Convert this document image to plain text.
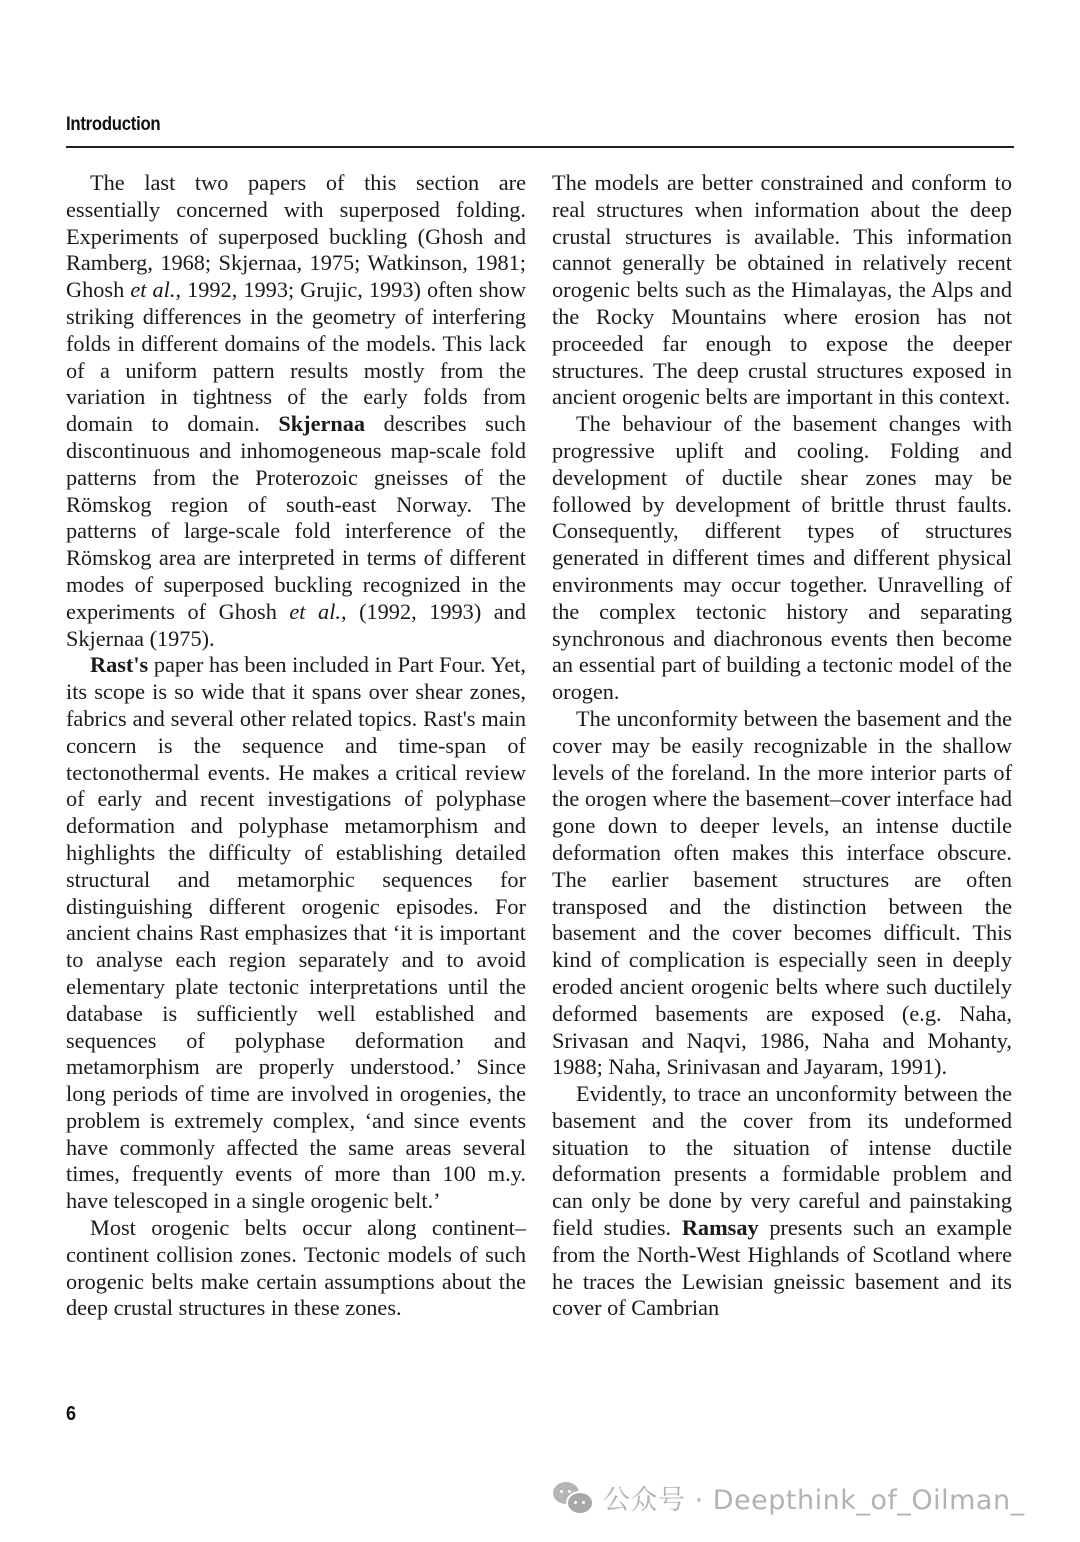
Introduction

The last two papers of this section are essentially concerned with superposed folding. Experiments of superposed buckling (Ghosh and Ramberg, 1968; Skjernaa, 1975; Watkinson, 1981; Ghosh et al., 1992, 1993; Grujic, 1993) often show striking differences in the geometry of interfering folds in different domains of the models. This lack of a uniform pattern results mostly from the variation in tightness of the early folds from domain to domain. Skjernaa describes such discontinuous and inhomogeneous map-scale fold patterns from the Proterozoic gneisses of the Römskog region of south-east Norway. The patterns of large-scale fold interference of the Römskog area are interpreted in terms of different modes of superposed buckling recognized in the experiments of Ghosh et al., (1992, 1993) and Skjernaa (1975).

Rast's paper has been included in Part Four. Yet, its scope is so wide that it spans over shear zones, fabrics and several other related topics. Rast's main concern is the sequence and time-span of tectonothermal events. He makes a critical review of early and recent investigations of polyphase deformation and polyphase metamorphism and highlights the difficulty of establishing detailed structural and metamorphic sequences for distinguishing different orogenic episodes. For ancient chains Rast emphasizes that ‘it is important to analyse each region separately and to avoid elementary plate tectonic interpretations until the database is sufficiently well established and sequences of polyphase deformation and metamorphism are properly understood.’ Since long periods of time are involved in orogenies, the problem is extremely complex, ‘and since events have commonly affected the same areas several times, frequently events of more than 100 m.y. have telescoped in a single orogenic belt.’

Most orogenic belts occur along continent–continent collision zones. Tectonic models of such orogenic belts make certain assumptions about the deep crustal structures in these zones.

The models are better constrained and conform to real structures when information about the deep crustal structures is available. This information cannot generally be obtained in relatively recent orogenic belts such as the Himalayas, the Alps and the Rocky Mountains where erosion has not proceeded far enough to expose the deeper structures. The deep crustal structures exposed in ancient orogenic belts are important in this context.

The behaviour of the basement changes with progressive uplift and cooling. Folding and development of ductile shear zones may be followed by development of brittle thrust faults. Consequently, different types of structures generated in different times and different physical environments may occur together. Unravelling of the complex tectonic history and separating synchronous and diachronous events then become an essential part of building a tectonic model of the orogen.

The unconformity between the basement and the cover may be easily recognizable in the shallow levels of the foreland. In the more interior parts of the orogen where the basement–cover interface had gone down to deeper levels, an intense ductile deformation often makes this interface obscure. The earlier basement structures are often transposed and the distinction between the basement and the cover becomes difficult. This kind of complication is especially seen in deeply eroded ancient orogenic belts where such ductilely deformed basements are exposed (e.g. Naha, Srivasan and Naqvi, 1986, Naha and Mohanty, 1988; Naha, Srinivasan and Jayaram, 1991).

Evidently, to trace an unconformity between the basement and the cover from its undeformed situation to the situation of intense ductile deformation presents a formidable problem and can only be done by very careful and painstaking field studies. Ramsay presents such an example from the North-West Highlands of Scotland where he traces the Lewisian gneissic basement and its cover of Cambrian

6
公众号 · Deepthink_of_Oilman_
